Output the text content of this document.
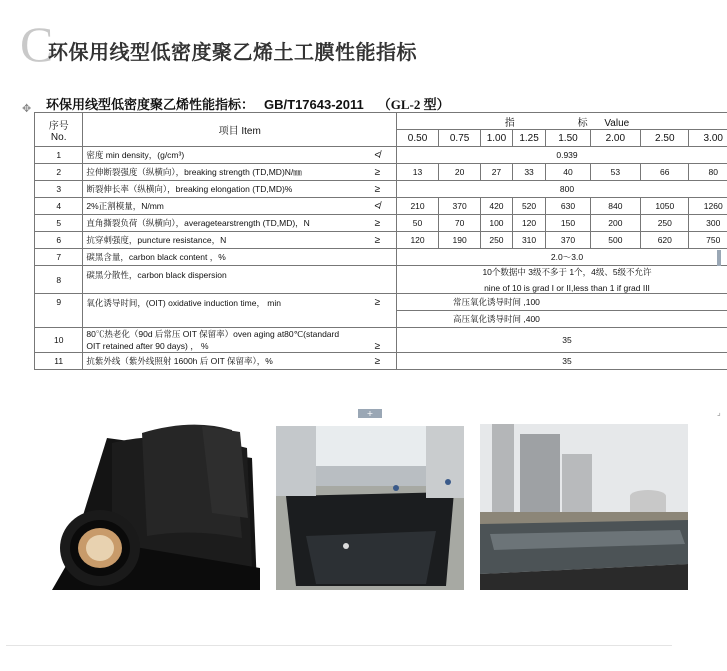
C
环保用线型低密度聚乙烯土工膜性能指标
✥ 环保用线型低密度聚乙烯性能指标： GB/T17643-2011 （GL-2 型）
序号
No.	项目 Item		指 标 Value							
			0.50	0.75	1.00	1.25	1.50	2.00	2.50	3.00
1	密度 min density，(g/cm³)	≮	0.939							
2	拉伸断裂强度（纵横向），breaking strength (TD,MD)N/㎜	≥	13	20	27	33	40	53	66	80
3	断裂伸长率（纵横向），breaking elongation (TD,MD)%	≥	800							
4	2%正割模量，N/mm	≮	210	370	420	520	630	840	1050	1260
5	直角撕裂负荷（纵横向），averagetearstrength (TD,MD)，N	≥	50	70	100	120	150	200	250	300
6	抗穿刺强度，puncture resistance，N	≥	120	190	250	310	370	500	620	750
7	碳黑含量，carbon black content ，%		2.0～3.0							
8	碳黑分散性，carbon black dispersion		10个数据中 3级不多于 1个，4级、5级不允许
nine of 10 is grad I or II,less than 1 if grad III							

9	氧化诱导时间，(OIT) oxidative induction time， min	≥	常压氧化诱导时间 ,100							
			高压氧化诱导时间 ,400							
10	80℃热老化（90d 后常压 OIT 保留率）oven aging at80℃(standard
OIT retained after 90 days) ， %	≥	35							
11	抗紫外线（紫外线照射 1600h 后 OIT 保留率），%	≥	35							
+	⌟
